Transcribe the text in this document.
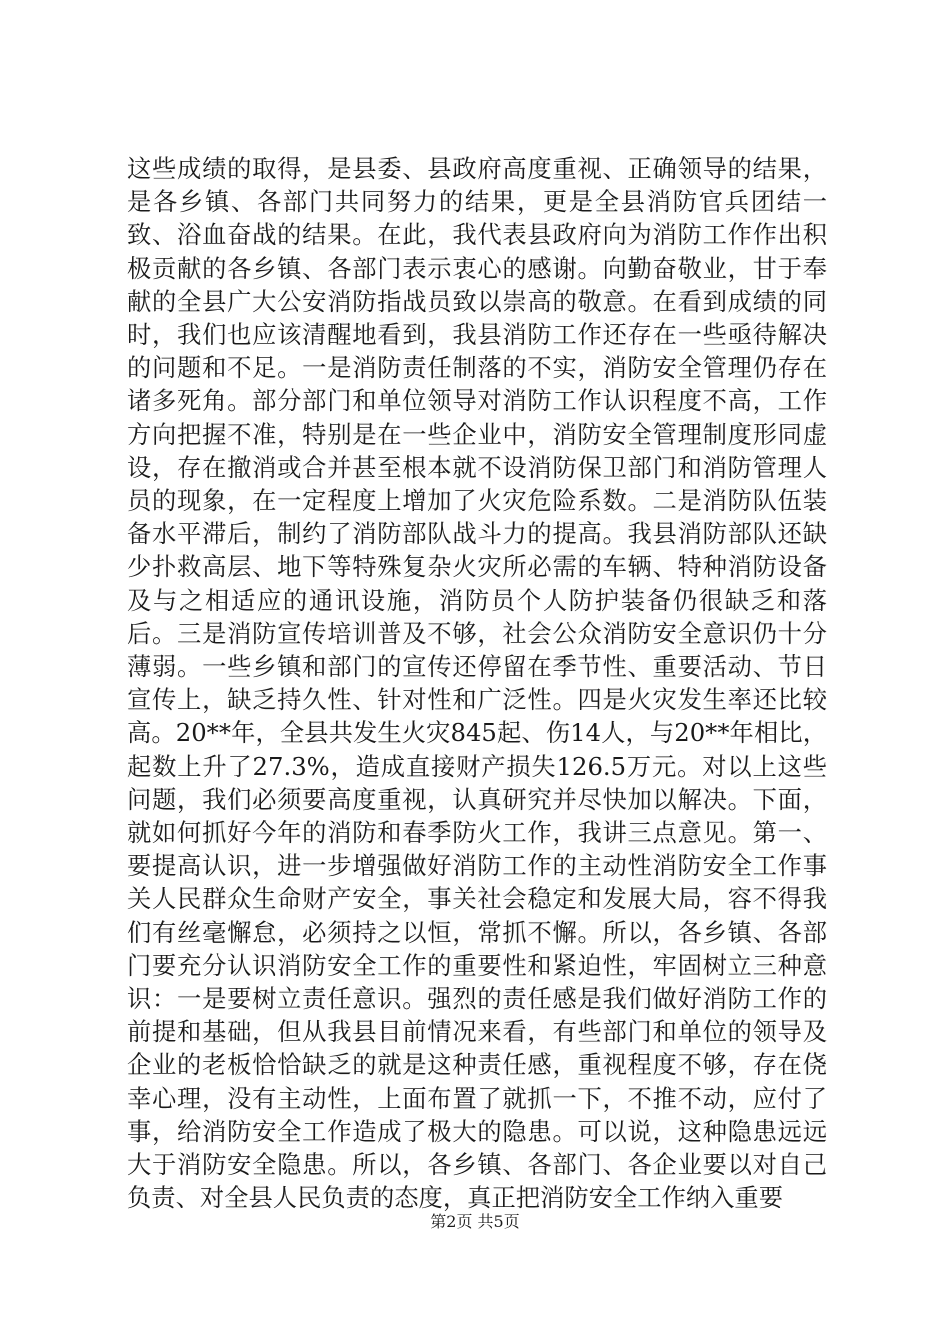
这些成绩的取得，是县委、县政府高度重视、正确领导的结果，是各乡镇、各部门共同努力的结果，更是全县消防官兵团结一致、浴血奋战的结果。在此，我代表县政府向为消防工作作出积极贡献的各乡镇、各部门表示衷心的感谢。向勤奋敬业，甘于奉献的全县广大公安消防指战员致以崇高的敬意。在看到成绩的同时，我们也应该清醒地看到，我县消防工作还存在一些亟待解决的问题和不足。一是消防责任制落的不实，消防安全管理仍存在诸多死角。部分部门和单位领导对消防工作认识程度不高，工作方向把握不准，特别是在一些企业中，消防安全管理制度形同虚设，存在撤消或合并甚至根本就不设消防保卫部门和消防管理人员的现象，在一定程度上增加了火灾危险系数。二是消防队伍装备水平滞后，制约了消防部队战斗力的提高。我县消防部队还缺少扑救高层、地下等特殊复杂火灾所必需的车辆、特种消防设备及与之相适应的通讯设施，消防员个人防护装备仍很缺乏和落后。三是消防宣传培训普及不够，社会公众消防安全意识仍十分薄弱。一些乡镇和部门的宣传还停留在季节性、重要活动、节日宣传上，缺乏持久性、针对性和广泛性。四是火灾发生率还比较高。20**年，全县共发生火灾845起、伤14人，与20**年相比，起数上升了27.3%，造成直接财产损失126.5万元。对以上这些问题，我们必须要高度重视，认真研究并尽快加以解决。下面，就如何抓好今年的消防和春季防火工作，我讲三点意见。第一、要提高认识，进一步增强做好消防工作的主动性消防安全工作事关人民群众生命财产安全，事关社会稳定和发展大局，容不得我们有丝毫懈怠，必须持之以恒，常抓不懈。所以，各乡镇、各部门要充分认识消防安全工作的重要性和紧迫性，牢固树立三种意识：一是要树立责任意识。强烈的责任感是我们做好消防工作的前提和基础，但从我县目前情况来看，有些部门和单位的领导及企业的老板恰恰缺乏的就是这种责任感，重视程度不够，存在侥幸心理，没有主动性，上面布置了就抓一下，不推不动，应付了事，给消防安全工作造成了极大的隐患。可以说，这种隐患远远大于消防安全隐患。所以，各乡镇、各部门、各企业要以对自己负责、对全县人民负责的态度，真正把消防安全工作纳入重要

第2页 共5页
